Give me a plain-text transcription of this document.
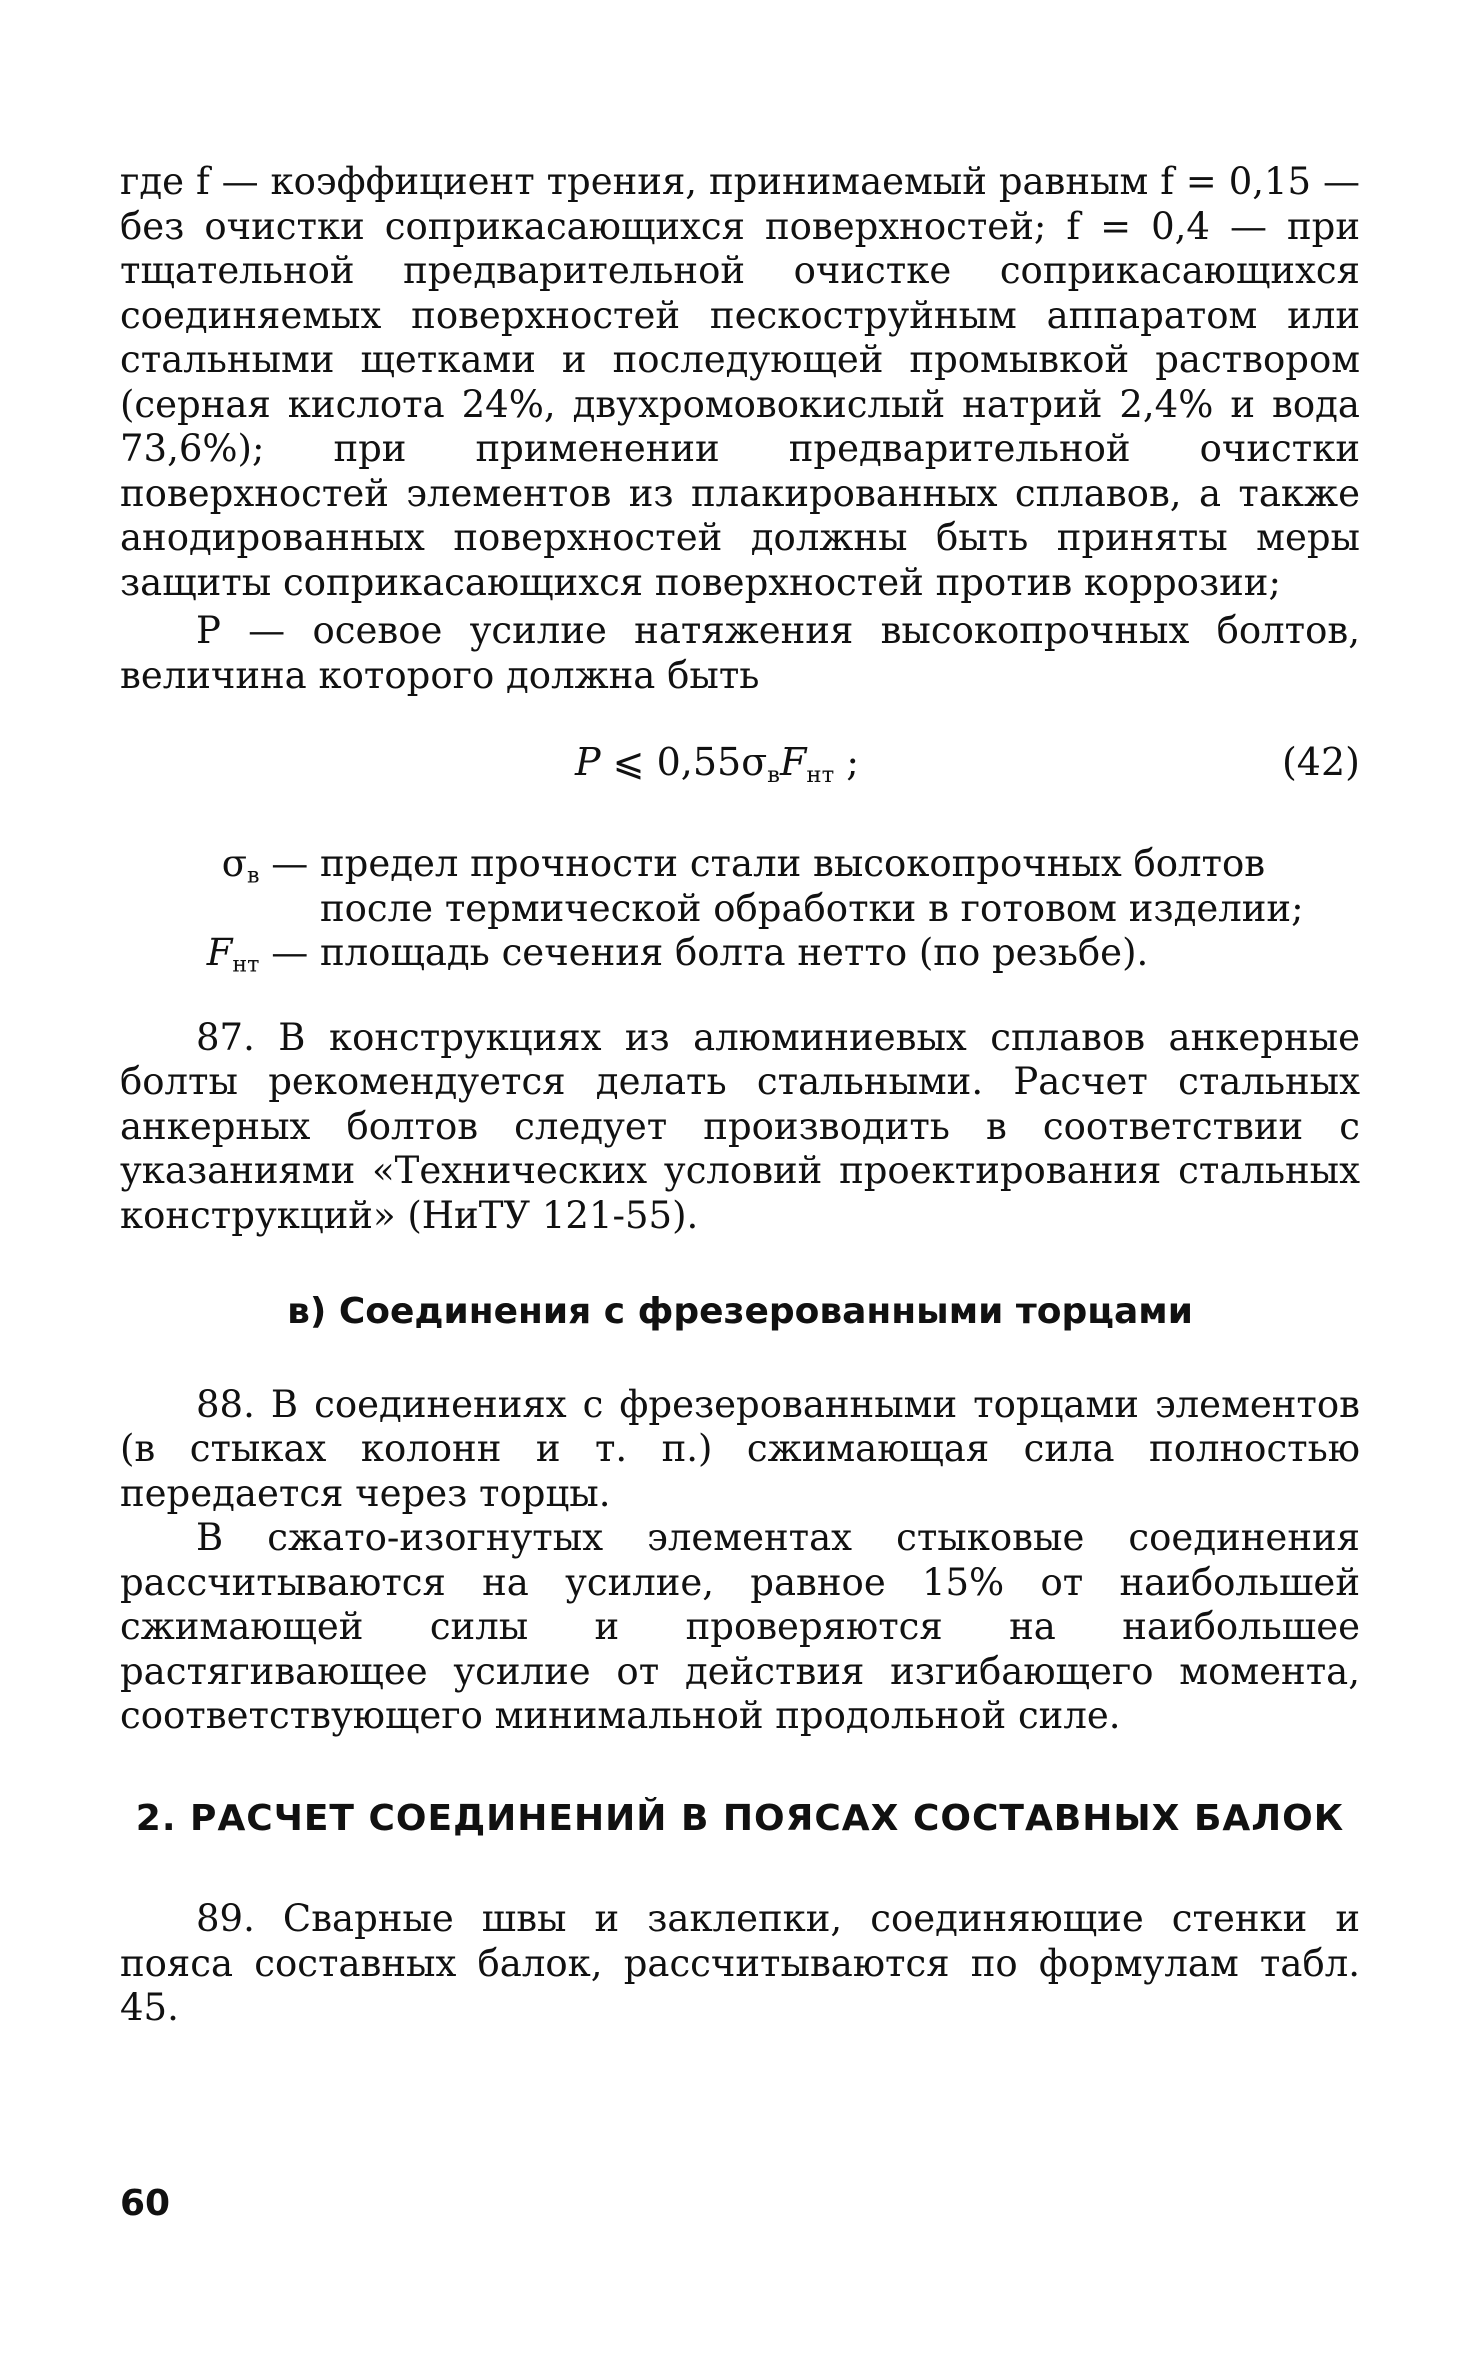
где f — коэффициент трения, принимаемый равным f = 0,15 — без очистки соприкасающихся поверхностей; f = 0,4 — при тщательной предварительной очистке соприкасающихся соединяемых поверхностей пескоструйным аппаратом или стальными щетками и последующей промывкой раствором (серная кислота 24%, двухромовокислый натрий 2,4% и вода 73,6%); при применении предварительной очистки поверхностей элементов из плакированных сплавов, а также анодированных поверхностей должны быть приняты меры защиты соприкасающихся поверхностей против коррозии;

P — осевое усилие натяжения высокопрочных болтов, величина которого должна быть

P ⩽ $0,55\sigma_вF_{нт}$ ;	(42)
$\sigma_в$ — предел прочности стали высокопрочных болтов после термической обработки в готовом изделии;
$F_{нт}$ — площадь сечения болта нетто (по резьбе).

87. В конструкциях из алюминиевых сплавов анкерные болты рекомендуется делать стальными. Расчет стальных анкерных болтов следует производить в соответствии с указаниями «Технических условий проектирования стальных конструкций» (НиТУ 121-55).

в) Соединения с фрезерованными торцами

88. В соединениях с фрезерованными торцами элементов (в стыках колонн и т. п.) сжимающая сила полностью передается через торцы.

В сжато-изогнутых элементах стыковые соединения рассчитываются на усилие, равное 15% от наибольшей сжимающей силы и проверяются на наибольшее растягивающее усилие от действия изгибающего момента, соответствующего минимальной продольной силе.

2. РАСЧЕТ СОЕДИНЕНИЙ В ПОЯСАХ СОСТАВНЫХ БАЛОК

89. Сварные швы и заклепки, соединяющие стенки и пояса составных балок, рассчитываются по формулам табл. 45.

60
